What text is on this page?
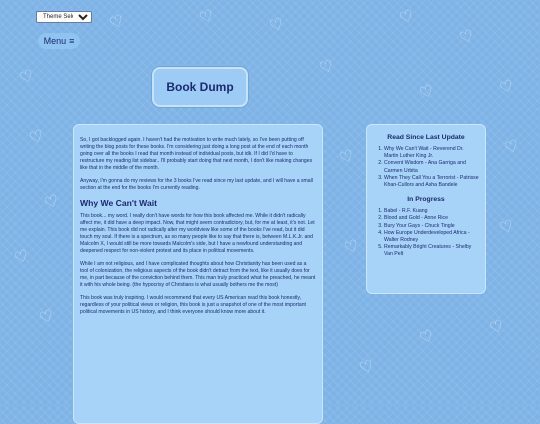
♡
♡	♡	♡
♡
♡
♡
♡
♡
♡
♡
♡
♡
♡
♡
♡
♡
♡	♡
♡
Theme Selector
Menu ≡
Book Dump

So, I got backlogged again. I haven't had the motivation to write much lately, so I've been putting off writing the blog posts for these books. I'm considering just doing a long post at the end of each month going over all the books I read that month instead of individual posts, but idk. If I did I'd have to restructure my reading list sidebar.. I'll probably start doing that next month, I don't like making changes like that in the middle of the month.

Anyway, I'm gonna do my reviews for the 3 books I've read since my last update, and I will have a small section at the end for the books I'm currently reading.

Why We Can't Wait

This book... my word. I really don't have words for how this book affected me. While it didn't radically affect me, it did have a deep impact. Now, that might seem contradictory, but, for me at least, it's not. Let me explain. This book did not radically alter my worldview like some of the books I've read, but it did touch my soul. If there is a spectrum, as so many people like to say that there is, between M.L.K.Jr. and Malcolm X, I would still be more towards Malcolm's side, but I have a newfound understanding and deepened respect for non-violent protest and its place in political movements.

While I am not religious, and I have complicated thoughts about how Christianity has been used as a tool of colonization, the religious aspects of the book didn't detract from the text, like it usually does for me, in part because of the conviction behind them. This man truly practiced what he preached, he meant it with his whole being. (the hypocrisy of Christians is what usually bothers me the most)

This book was truly inspiring. I would recommend that every US American read this book honestly, regardless of your political views or religion, this book is just a snapshot of one of the most important political movements in US history, and I think everyone should know more about it.

Read Since Last Update
1. Why We Can't Wait - Reverend Dr. Martin Luther King Jr.
2. Convent Wisdom - Ana Garriga and Carmen Urbita
3. When They Call You a Terrorist - Patrisse Khan-Cullors and Asha Bandele
In Progress
1. Babel - R.F. Kuang
2. Blood and Gold - Anne Rice
3. Bury Your Gays - Chuck Tingle
4. How Europe Underdeveloped Africa - Walter Rodney
5. Remarkably Bright Creatures - Shelby Van Pelt
